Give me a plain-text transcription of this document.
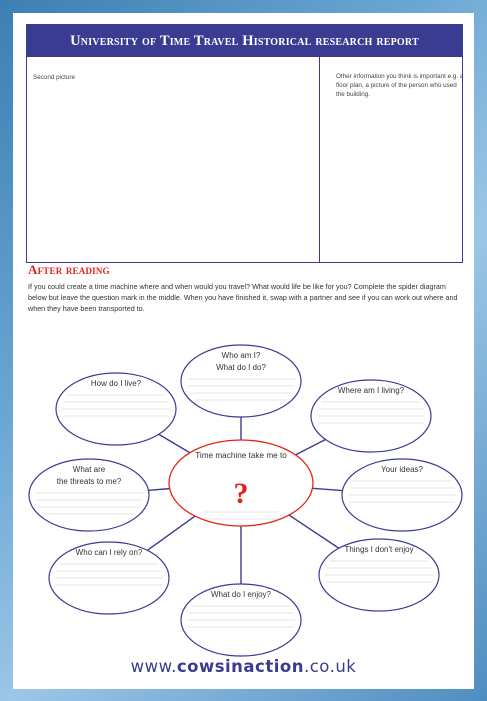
University of Time Travel Historical research report
Second picture	Other information you think is important e.g. a floor plan, a picture of the person who used the building.
After reading
If you could create a time machine where and when would you travel? What would life be like for you? Complete the spider diagram below but leave the question mark in the middle. When you have finished it, swap with a partner and see if you can work out where and when they have been transported to.
Who am I?
What do I do?
How do I live?
Where am I living?
What are
the threats to me?
Your ideas?
Who can I rely on?	Things I don't enjoy
What do I enjoy?
Time machine take me to
?
www.cowsinaction.co.uk
